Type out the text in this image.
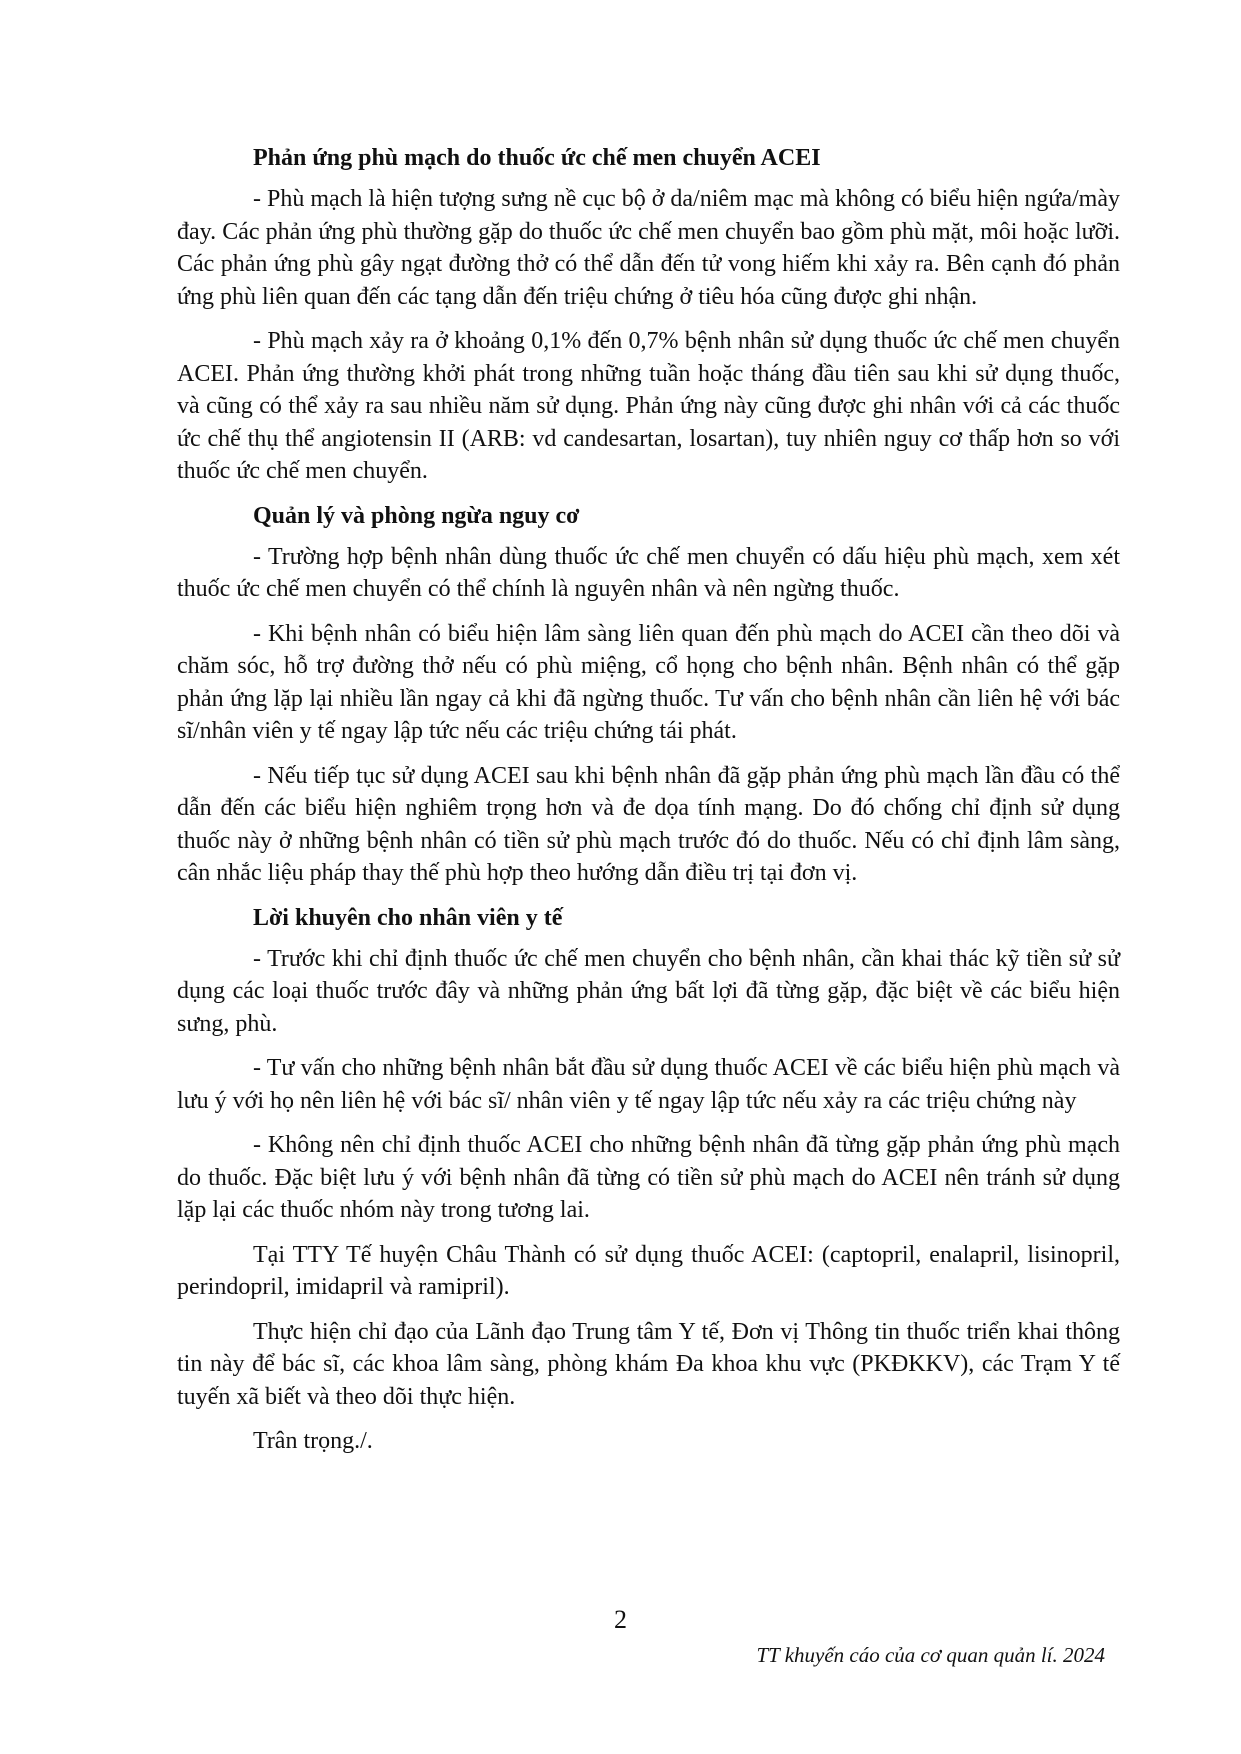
Phản ứng phù mạch do thuốc ức chế men chuyển ACEI

- Phù mạch là hiện tượng sưng nề cục bộ ở da/niêm mạc mà không có biểu hiện ngứa/mày đay. Các phản ứng phù thường gặp do thuốc ức chế men chuyển bao gồm phù mặt, môi hoặc lưỡi. Các phản ứng phù gây ngạt đường thở có thể dẫn đến tử vong hiếm khi xảy ra. Bên cạnh đó phản ứng phù liên quan đến các tạng dẫn đến triệu chứng ở tiêu hóa cũng được ghi nhận.

- Phù mạch xảy ra ở khoảng 0,1% đến 0,7% bệnh nhân sử dụng thuốc ức chế men chuyển ACEI. Phản ứng thường khởi phát trong những tuần hoặc tháng đầu tiên sau khi sử dụng thuốc, và cũng có thể xảy ra sau nhiều năm sử dụng. Phản ứng này cũng được ghi nhân với cả các thuốc ức chế thụ thể angiotensin II (ARB: vd candesartan, losartan), tuy nhiên nguy cơ thấp hơn so với thuốc ức chế men chuyển.

Quản lý và phòng ngừa nguy cơ

- Trường hợp bệnh nhân dùng thuốc ức chế men chuyển có dấu hiệu phù mạch, xem xét thuốc ức chế men chuyển có thể chính là nguyên nhân và nên ngừng thuốc.

- Khi bệnh nhân có biểu hiện lâm sàng liên quan đến phù mạch do ACEI cần theo dõi và chăm sóc, hỗ trợ đường thở nếu có phù miệng, cổ họng cho bệnh nhân. Bệnh nhân có thể gặp phản ứng lặp lại nhiều lần ngay cả khi đã ngừng thuốc. Tư vấn cho bệnh nhân cần liên hệ với bác sĩ/nhân viên y tế ngay lập tức nếu các triệu chứng tái phát.

- Nếu tiếp tục sử dụng ACEI sau khi bệnh nhân đã gặp phản ứng phù mạch lần đầu có thể dẫn đến các biểu hiện nghiêm trọng hơn và đe dọa tính mạng. Do đó chống chỉ định sử dụng thuốc này ở những bệnh nhân có tiền sử phù mạch trước đó do thuốc. Nếu có chỉ định lâm sàng, cân nhắc liệu pháp thay thế phù hợp theo hướng dẫn điều trị tại đơn vị.

Lời khuyên cho nhân viên y tế

- Trước khi chỉ định thuốc ức chế men chuyển cho bệnh nhân, cần khai thác kỹ tiền sử sử dụng các loại thuốc trước đây và những phản ứng bất lợi đã từng gặp, đặc biệt về các biểu hiện sưng, phù.

- Tư vấn cho những bệnh nhân bắt đầu sử dụng thuốc ACEI về các biểu hiện phù mạch và lưu ý với họ nên liên hệ với bác sĩ/ nhân viên y tế ngay lập tức nếu xảy ra các triệu chứng này

- Không nên chỉ định thuốc ACEI cho những bệnh nhân đã từng gặp phản ứng phù mạch do thuốc. Đặc biệt lưu ý với bệnh nhân đã từng có tiền sử phù mạch do ACEI nên tránh sử dụng lặp lại các thuốc nhóm này trong tương lai.

Tại TTY Tế huyện Châu Thành có sử dụng thuốc ACEI: (captopril, enalapril, lisinopril, perindopril, imidapril và ramipril).

Thực hiện chỉ đạo của Lãnh đạo Trung tâm Y tế, Đơn vị Thông tin thuốc triển khai thông tin này để bác sĩ, các khoa lâm sàng, phòng khám Đa khoa khu vực (PKĐKKV), các Trạm Y tế tuyến xã biết và theo dõi thực hiện.

Trân trọng./.

2
TT khuyến cáo của cơ quan quản lí. 2024
